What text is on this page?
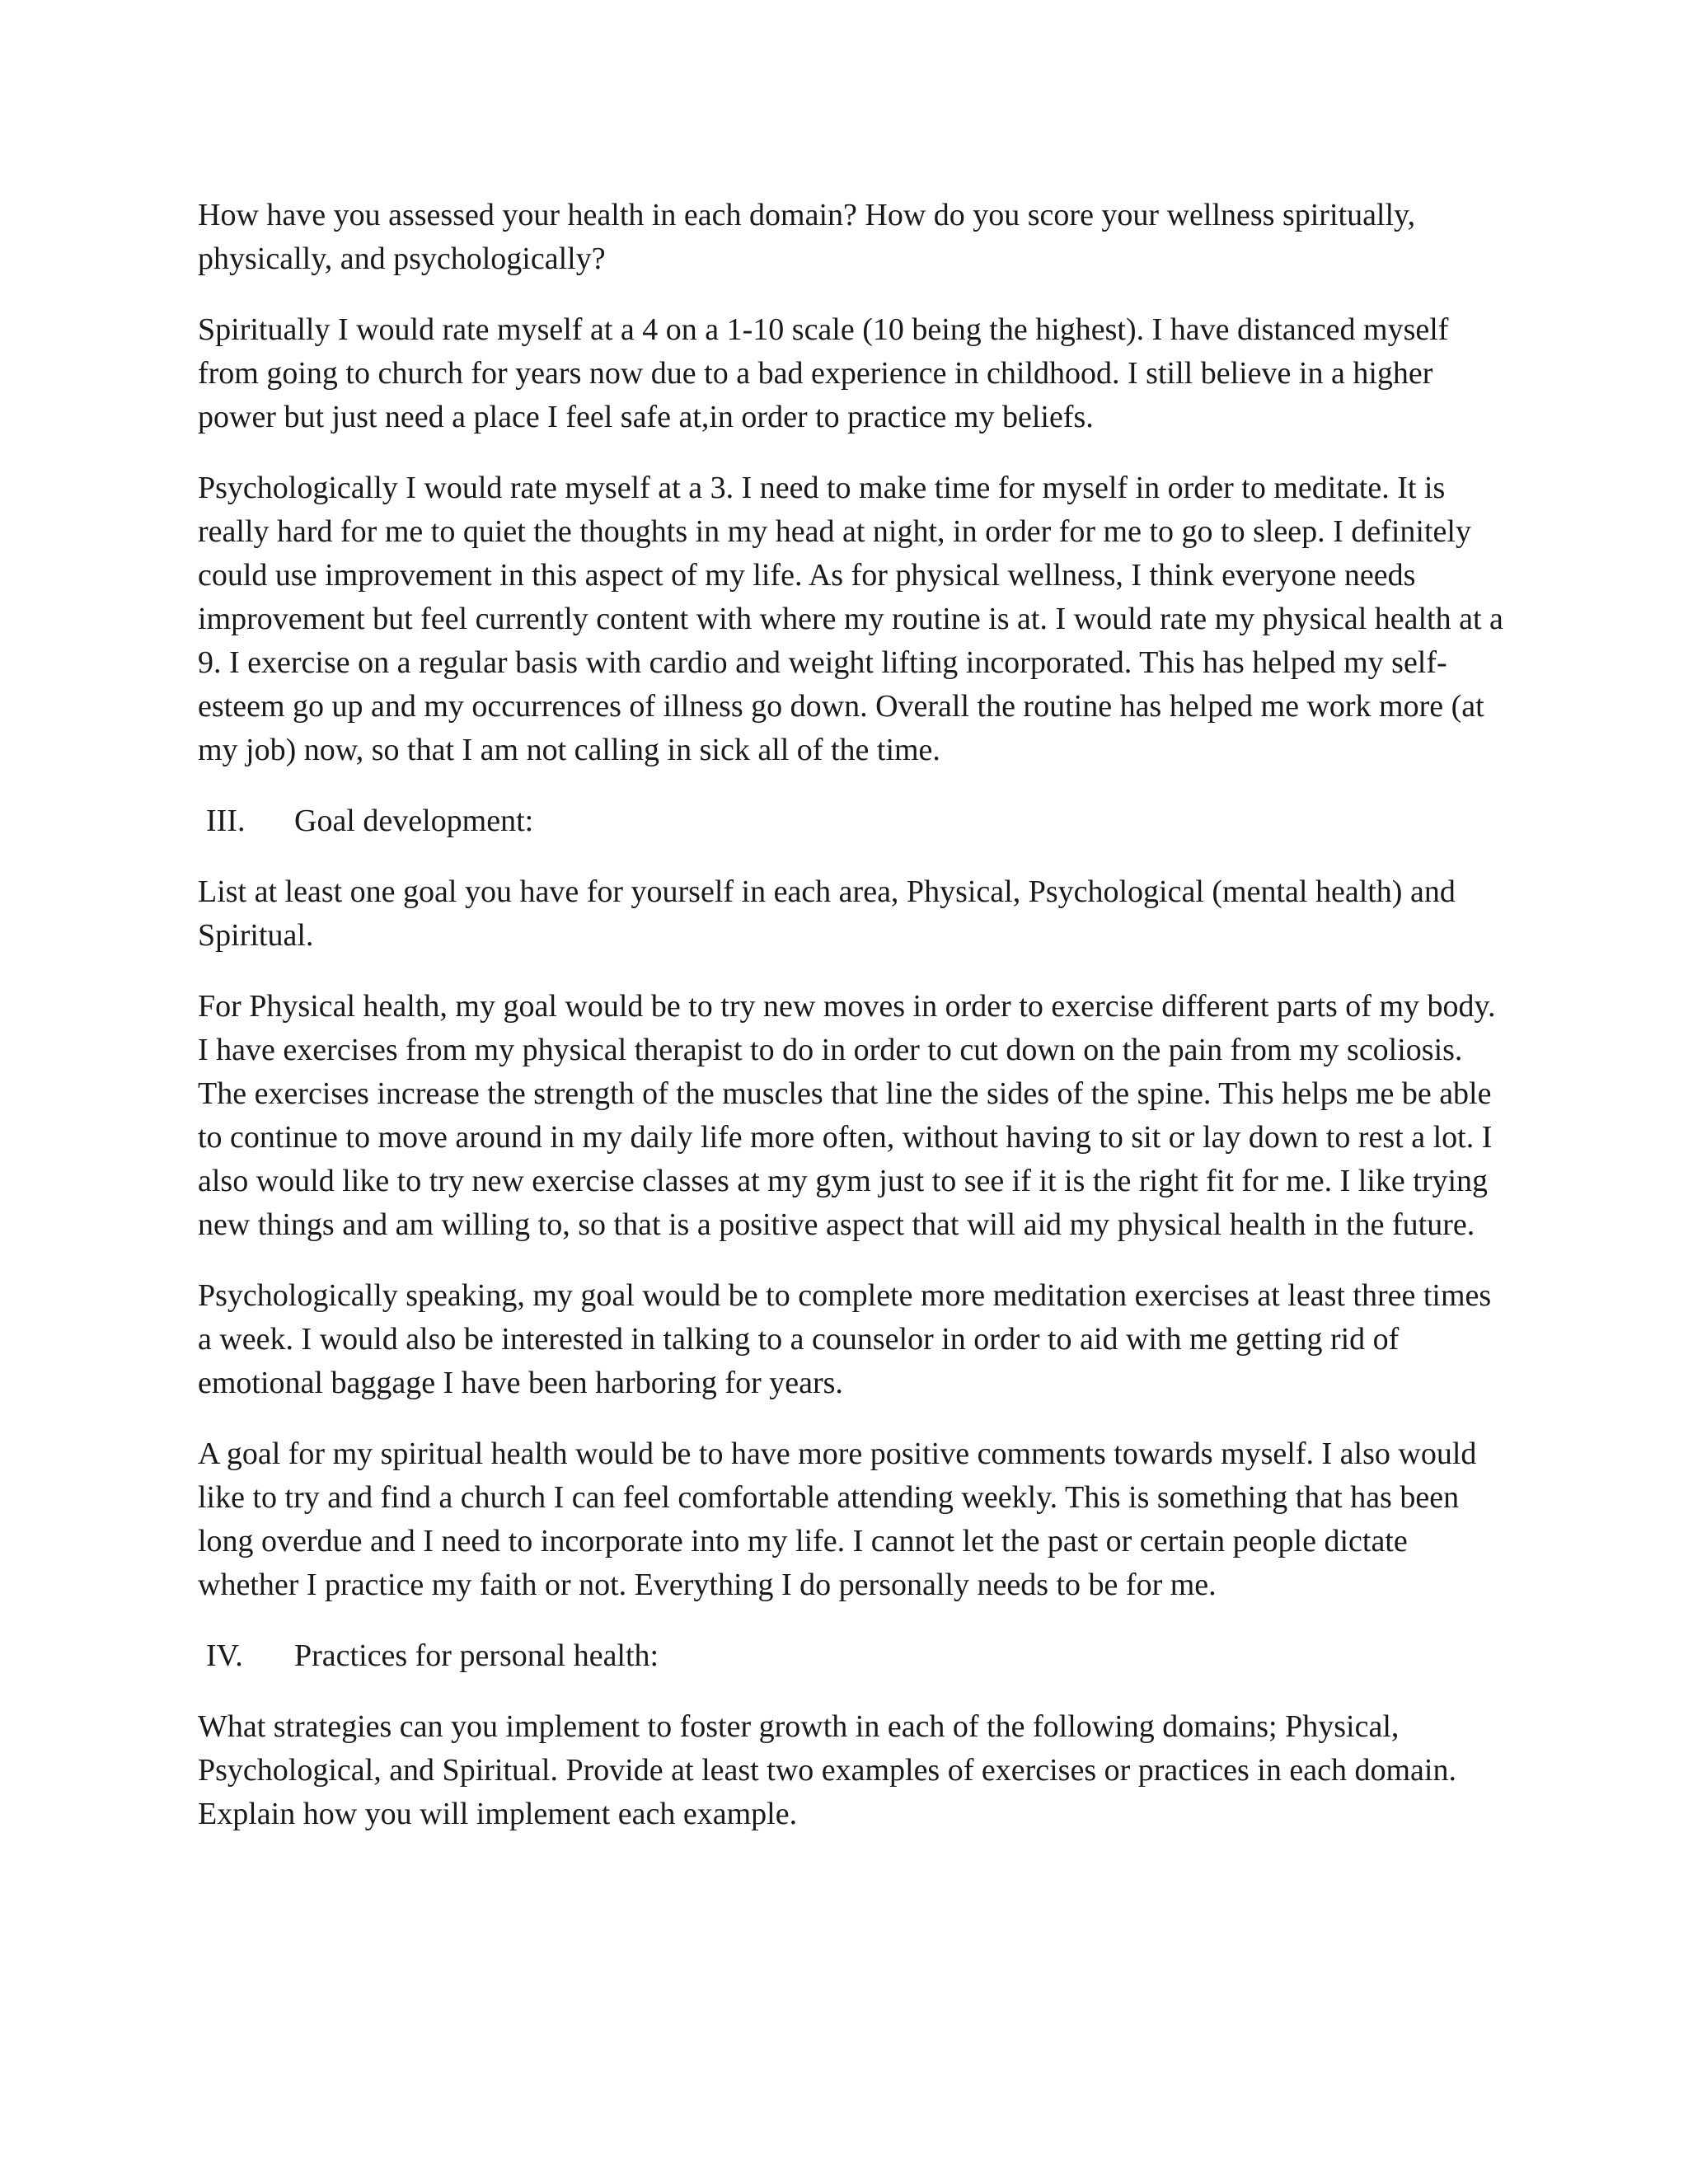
How have you assessed your health in each domain? How do you score your wellness spiritually, physically, and psychologically?

Spiritually I would rate myself at a 4 on a 1-10 scale (10 being the highest). I have distanced myself from going to church for years now due to a bad experience in childhood. I still believe in a higher power but just need a place I feel safe at,in order to practice my beliefs.

Psychologically I would rate myself at a 3. I need to make time for myself in order to meditate. It is really hard for me to quiet the thoughts in my head at night, in order for me to go to sleep. I definitely could use improvement in this aspect of my life. As for physical wellness, I think everyone needs improvement but feel currently content with where my routine is at. I would rate my physical health at a 9. I exercise on a regular basis with cardio and weight lifting incorporated. This has helped my self-esteem go up and my occurrences of illness go down. Overall the routine has helped me work more (at my job) now, so that I am not calling in sick all of the time.

III.	Goal development:

List at least one goal you have for yourself in each area, Physical, Psychological (mental health) and Spiritual.

For Physical health, my goal would be to try new moves in order to exercise different parts of my body. I have exercises from my physical therapist to do in order to cut down on the pain from my scoliosis. The exercises increase the strength of the muscles that line the sides of the spine. This helps me be able to continue to move around in my daily life more often, without having to sit or lay down to rest a lot. I also would like to try new exercise classes at my gym just to see if it is the right fit for me. I like trying new things and am willing to, so that is a positive aspect that will aid my physical health in the future.

Psychologically speaking, my goal would be to complete more meditation exercises at least three times a week. I would also be interested in talking to a counselor in order to aid with me getting rid of emotional baggage I have been harboring for years.

A goal for my spiritual health would be to have more positive comments towards myself. I also would like to try and find a church I can feel comfortable attending weekly. This is something that has been long overdue and I need to incorporate into my life. I cannot let the past or certain people dictate whether I practice my faith or not. Everything I do personally needs to be for me.

IV.	Practices for personal health:

What strategies can you implement to foster growth in each of the following domains; Physical, Psychological, and Spiritual. Provide at least two examples of exercises or practices in each domain. Explain how you will implement each example.
